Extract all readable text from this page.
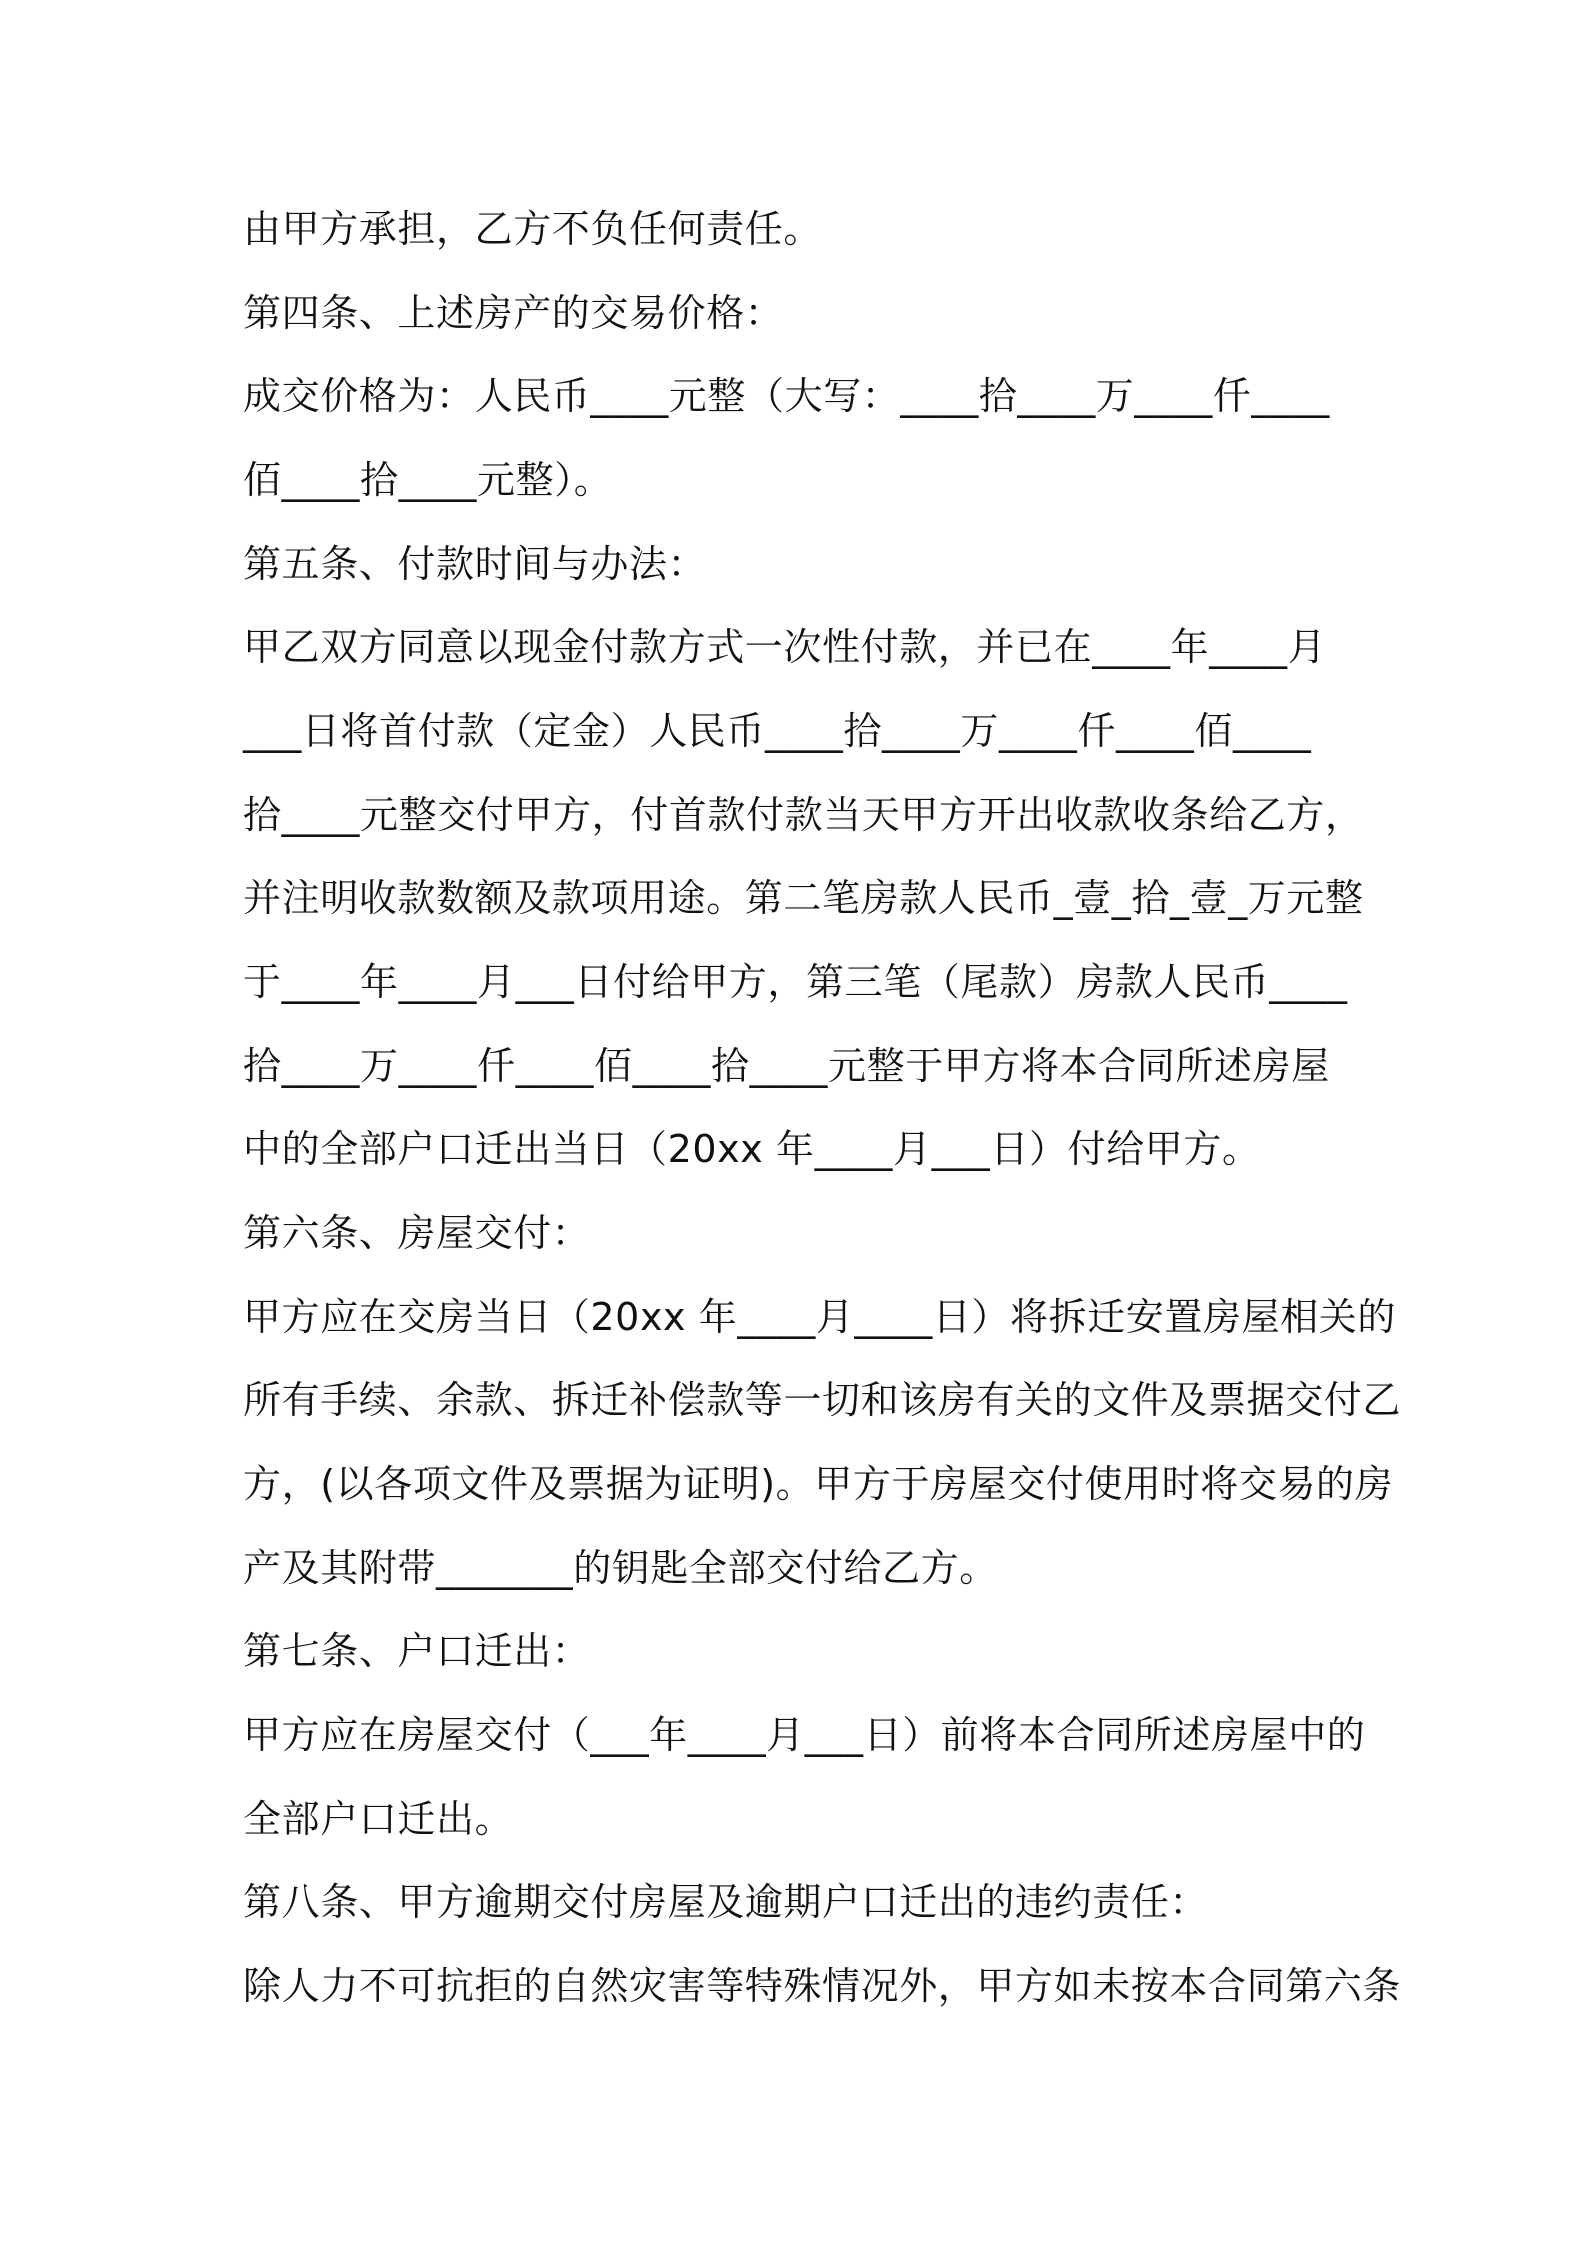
由甲方承担，乙方不负任何责任。
第四条、上述房产的交易价格：
成交价格为：人民币____元整（大写：____拾____万____仟____
佰____拾____元整）。
第五条、付款时间与办法：
甲乙双方同意以现金付款方式一次性付款，并已在____年____月
___日将首付款（定金）人民币____拾____万____仟____佰____
拾____元整交付甲方，付首款付款当天甲方开出收款收条给乙方，
并注明收款数额及款项用途。第二笔房款人民币_壹_拾_壹_万元整
于____年____月___日付给甲方，第三笔（尾款）房款人民币____
拾____万____仟____佰____拾____元整于甲方将本合同所述房屋
中的全部户口迁出当日（20xx 年____月___日）付给甲方。
第六条、房屋交付：
甲方应在交房当日（20xx 年____月____日）将拆迁安置房屋相关的
所有手续、余款、拆迁补偿款等一切和该房有关的文件及票据交付乙
方，(以各项文件及票据为证明)。甲方于房屋交付使用时将交易的房
产及其附带_______的钥匙全部交付给乙方。
第七条、户口迁出：
甲方应在房屋交付（___年____月___日）前将本合同所述房屋中的
全部户口迁出。
第八条、甲方逾期交付房屋及逾期户口迁出的违约责任：
除人力不可抗拒的自然灾害等特殊情况外，甲方如未按本合同第六条
